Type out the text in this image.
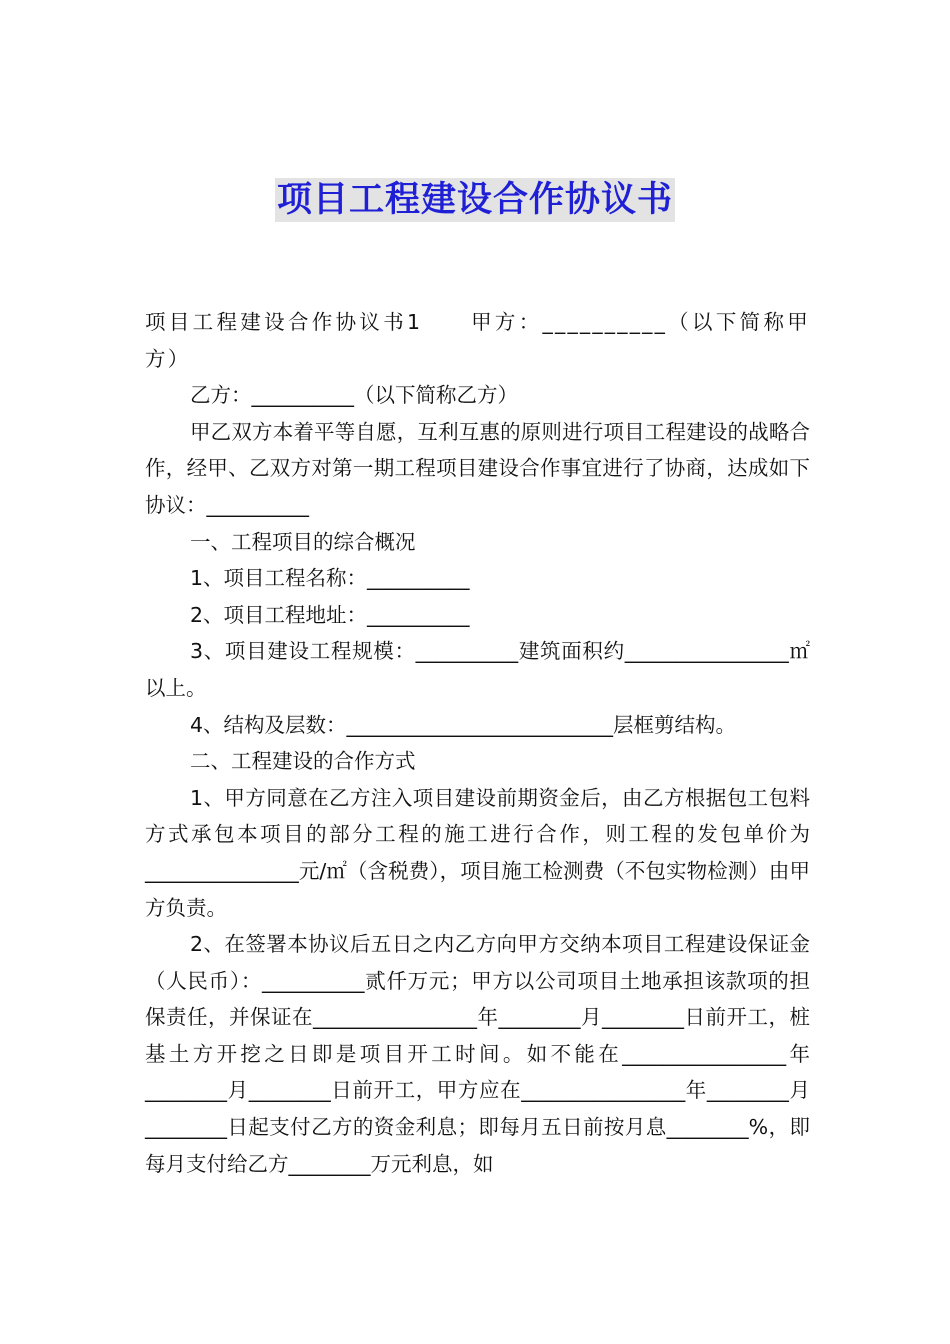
项目工程建设合作协议书

项目工程建设合作协议书1　　甲方：__________（以下简称甲方）

乙方：__________（以下简称乙方）

甲乙双方本着平等自愿，互利互惠的原则进行项目工程建设的战略合作，经甲、乙双方对第一期工程项目建设合作事宜进行了协商，达成如下协议：__________

一、工程项目的综合概况

1、项目工程名称：__________

2、项目工程地址：__________

3、项目建设工程规模：__________建筑面积约________________㎡以上。

4、结构及层数：__________________________层框剪结构。

二、工程建设的合作方式

1、甲方同意在乙方注入项目建设前期资金后，由乙方根据包工包料方式承包本项目的部分工程的施工进行合作，则工程的发包单价为_______________元/㎡（含税费），项目施工检测费（不包实物检测）由甲方负责。

2、在签署本协议后五日之内乙方向甲方交纳本项目工程建设保证金（人民币）：__________贰仟万元；甲方以公司项目土地承担该款项的担保责任，并保证在________________年________月________日前开工，桩基土方开挖之日即是项目开工时间。如不能在________________年________月________日前开工，甲方应在________________年________月________日起支付乙方的资金利息；即每月五日前按月息________%，即每月支付给乙方________万元利息，如
